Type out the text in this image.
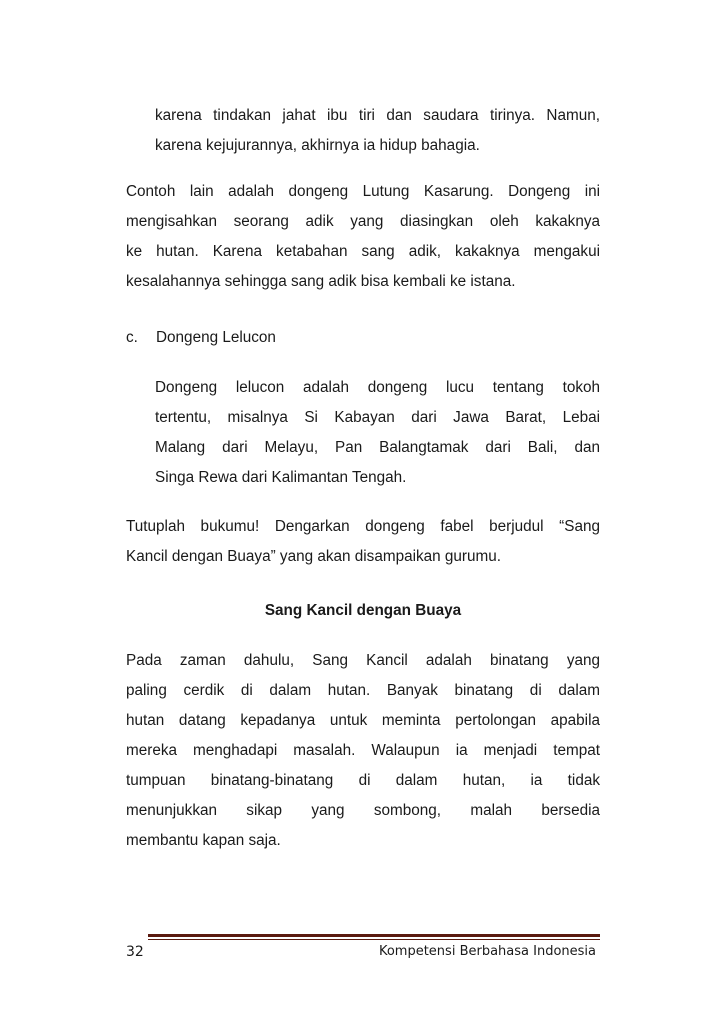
karena tindakan jahat ibu tiri dan saudara tirinya. Namun,
karena kejujurannya, akhirnya ia hidup bahagia.
Contoh lain adalah dongeng Lutung Kasarung. Dongeng ini
mengisahkan seorang adik yang diasingkan oleh kakaknya
ke hutan. Karena ketabahan sang adik, kakaknya mengakui
kesalahannya sehingga sang adik bisa kembali ke istana.
c. Dongeng Lelucon
Dongeng lelucon adalah dongeng lucu tentang tokoh
tertentu, misalnya Si Kabayan dari Jawa Barat, Lebai
Malang dari Melayu, Pan Balangtamak dari Bali, dan
Singa Rewa dari Kalimantan Tengah.
Tutuplah bukumu! Dengarkan dongeng fabel berjudul “Sang
Kancil dengan Buaya” yang akan disampaikan gurumu.
Sang Kancil dengan Buaya
Pada zaman dahulu, Sang Kancil adalah binatang yang
paling cerdik di dalam hutan. Banyak binatang di dalam
hutan datang kepadanya untuk meminta pertolongan apabila
mereka menghadapi masalah. Walaupun ia menjadi tempat
tumpuan binatang-binatang di dalam hutan, ia tidak
menunjukkan sikap yang sombong, malah bersedia
membantu kapan saja.
32	Kompetensi Berbahasa Indonesia
